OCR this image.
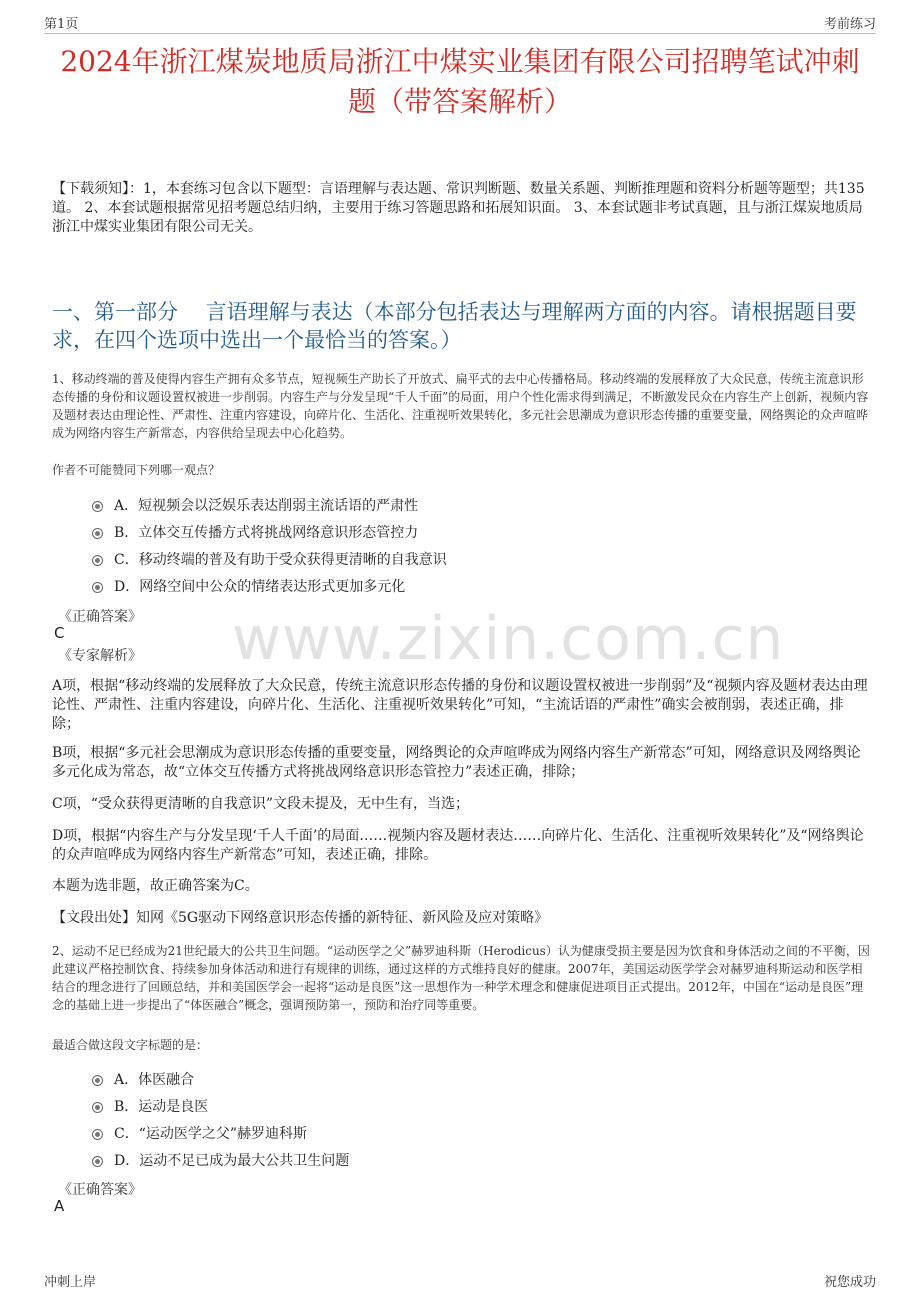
第1页	考前练习
2024年浙江煤炭地质局浙江中煤实业集团有限公司招聘笔试冲刺题（带答案解析）

【下载须知】：1，本套练习包含以下题型：言语理解与表达题、常识判断题、数量关系题、判断推理题和资料分析题等题型；共135道。 2、本套试题根据常见招考题总结归纳，主要用于练习答题思路和拓展知识面。 3、本套试题非考试真题，且与浙江煤炭地质局浙江中煤实业集团有限公司无关。

一、第一部分　 言语理解与表达（本部分包括表达与理解两方面的内容。请根据题目要求，在四个选项中选出一个最恰当的答案。）

1、移动终端的普及使得内容生产拥有众多节点，短视频生产助长了开放式、扁平式的去中心传播格局。移动终端的发展释放了大众民意，传统主流意识形态传播的身份和议题设置权被进一步削弱。内容生产与分发呈现“千人千面”的局面，用户个性化需求得到满足，不断激发民众在内容生产上创新，视频内容及题材表达由理论性、严肃性、注重内容建设，向碎片化、生活化、注重视听效果转化，多元社会思潮成为意识形态传播的重要变量，网络舆论的众声喧哗成为网络内容生产新常态，内容供给呈现去中心化趋势。

作者不可能赞同下列哪一观点？
A．短视频会以泛娱乐表达削弱主流话语的严肃性
B．立体交互传播方式将挑战网络意识形态管控力
C．移动终端的普及有助于受众获得更清晰的自我意识
D．网络空间中公众的情绪表达形式更加多元化
《正确答案》
C
《专家解析》 www.zixin.com.cn

A项，根据“移动终端的发展释放了大众民意，传统主流意识形态传播的身份和议题设置权被进一步削弱”及“视频内容及题材表达由理论性、严肃性、注重内容建设，向碎片化、生活化、注重视听效果转化”可知，“主流话语的严肃性”确实会被削弱，表述正确，排除；

B项，根据“多元社会思潮成为意识形态传播的重要变量，网络舆论的众声喧哗成为网络内容生产新常态”可知，网络意识及网络舆论多元化成为常态，故“立体交互传播方式将挑战网络意识形态管控力”表述正确，排除；

C项，“受众获得更清晰的自我意识”文段未提及，无中生有，当选；

D项，根据“内容生产与分发呈现‘千人千面’的局面……视频内容及题材表达……向碎片化、生活化、注重视听效果转化”及“网络舆论的众声喧哗成为网络内容生产新常态”可知，表述正确，排除。

本题为选非题，故正确答案为C。

【文段出处】知网《5G驱动下网络意识形态传播的新特征、新风险及应对策略》

2、运动不足已经成为21世纪最大的公共卫生问题。“运动医学之父”赫罗迪科斯（Herodicus）认为健康受损主要是因为饮食和身体活动之间的不平衡，因此建议严格控制饮食、持续参加身体活动和进行有规律的训练，通过这样的方式维持良好的健康。2007年，美国运动医学学会对赫罗迪科斯运动和医学相结合的理念进行了回顾总结，并和美国医学会一起将“运动是良医”这一思想作为一种学术理念和健康促进项目正式提出。2012年，中国在“运动是良医”理念的基础上进一步提出了“体医融合”概念，强调预防第一，预防和治疗同等重要。

最适合做这段文字标题的是：
A．体医融合
B．运动是良医
C．“运动医学之父”赫罗迪科斯
D．运动不足已成为最大公共卫生问题
《正确答案》
A
冲刺上岸	祝您成功
